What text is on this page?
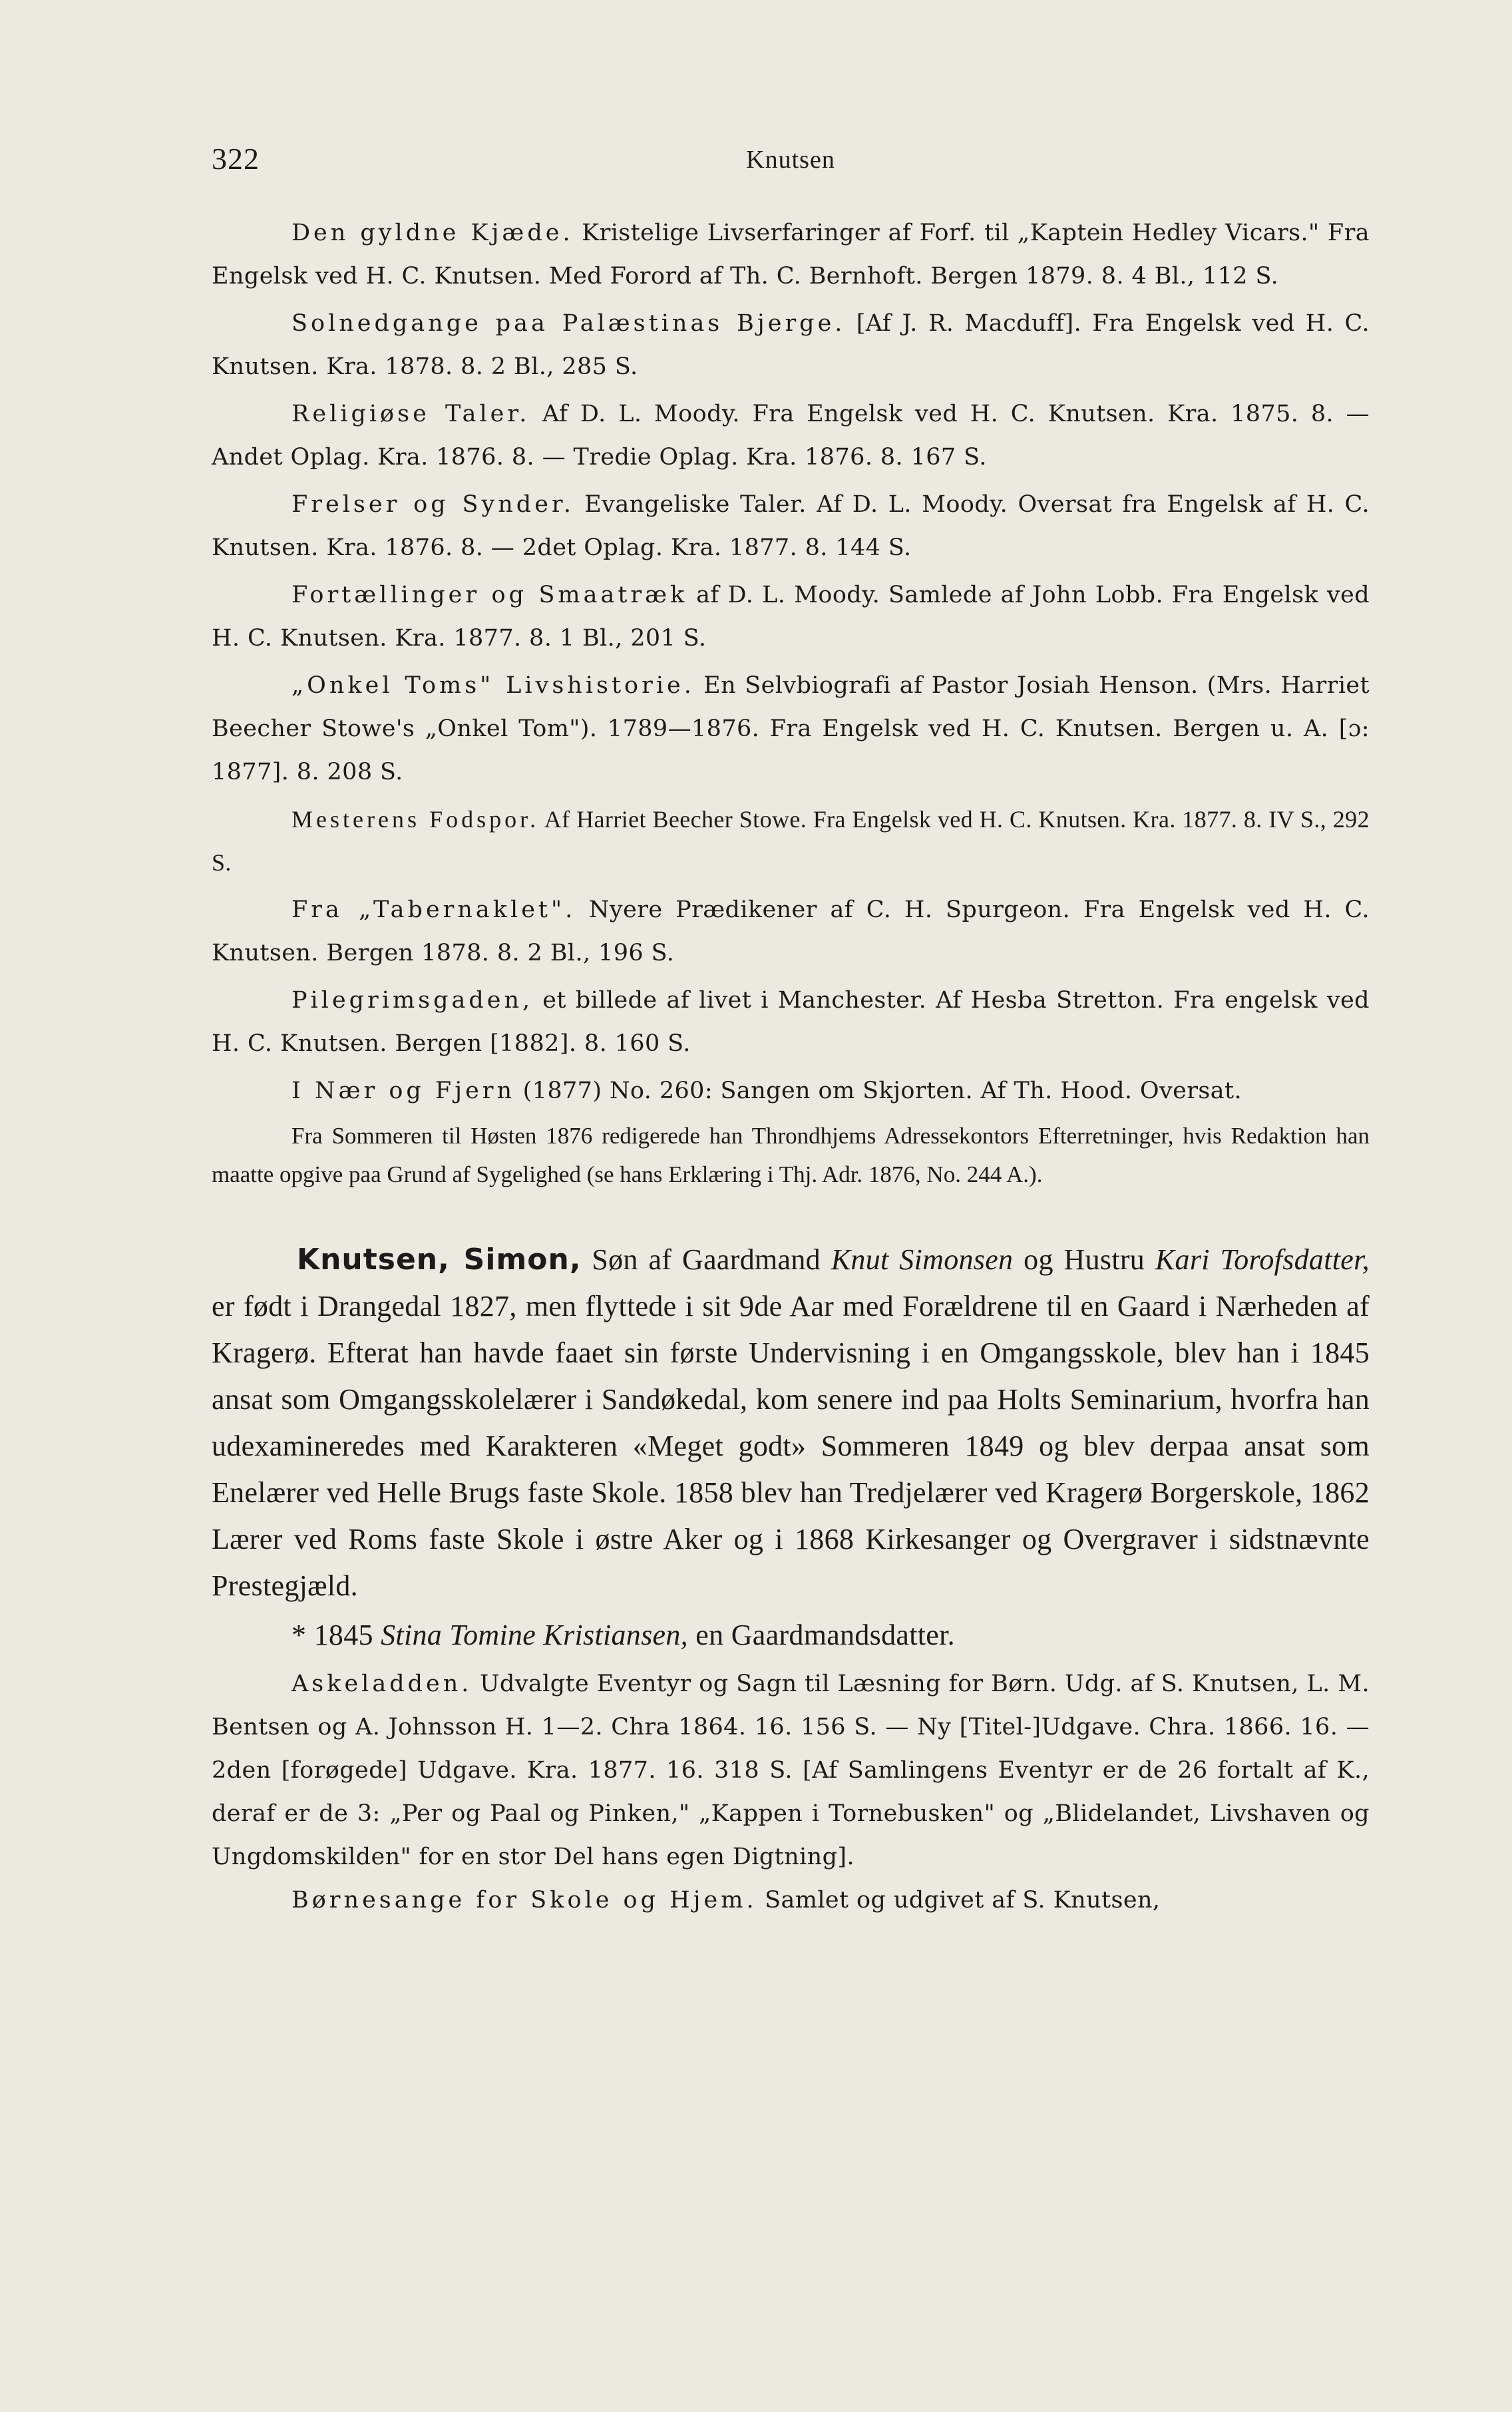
322	Knutsen

Den gyldne Kjæde. Kristelige Livserfaringer af Forf. til „Kaptein Hedley Vicars." Fra Engelsk ved H. C. Knutsen. Med Forord af Th. C. Bernhoft. Bergen 1879. 8. 4 Bl., 112 S.

Solnedgange paa Palæstinas Bjerge. [Af J. R. Macduff]. Fra Engelsk ved H. C. Knutsen. Kra. 1878. 8. 2 Bl., 285 S.

Religiøse Taler. Af D. L. Moody. Fra Engelsk ved H. C. Knutsen. Kra. 1875. 8. — Andet Oplag. Kra. 1876. 8. — Tredie Oplag. Kra. 1876. 8. 167 S.

Frelser og Synder. Evangeliske Taler. Af D. L. Moody. Oversat fra Engelsk af H. C. Knutsen. Kra. 1876. 8. — 2det Oplag. Kra. 1877. 8. 144 S.

Fortællinger og Smaatræk af D. L. Moody. Samlede af John Lobb. Fra Engelsk ved H. C. Knutsen. Kra. 1877. 8. 1 Bl., 201 S.

„Onkel Toms" Livshistorie. En Selvbiografi af Pastor Josiah Henson. (Mrs. Harriet Beecher Stowe's „Onkel Tom"). 1789—1876. Fra Engelsk ved H. C. Knutsen. Bergen u. A. [ɔ: 1877]. 8. 208 S.

Mesterens Fodspor. Af Harriet Beecher Stowe. Fra Engelsk ved H. C. Knutsen. Kra. 1877. 8. IV S., 292 S.

Fra „Tabernaklet". Nyere Prædikener af C. H. Spurgeon. Fra Engelsk ved H. C. Knutsen. Bergen 1878. 8. 2 Bl., 196 S.

Pilegrimsgaden, et billede af livet i Manchester. Af Hesba Stretton. Fra engelsk ved H. C. Knutsen. Bergen [1882]. 8. 160 S.

I Nær og Fjern (1877) No. 260: Sangen om Skjorten. Af Th. Hood. Oversat.

Fra Sommeren til Høsten 1876 redigerede han Throndhjems Adressekontors Efterretninger, hvis Redaktion han maatte opgive paa Grund af Sygelighed (se hans Erklæring i Thj. Adr. 1876, No. 244 A.).

Knutsen, Simon, Søn af Gaardmand Knut Simonsen og Hustru Kari Torofsdatter, er født i Drangedal 1827, men flyttede i sit 9de Aar med Forældrene til en Gaard i Nærheden af Kragerø. Efterat han havde faaet sin første Undervisning i en Omgangsskole, blev han i 1845 ansat som Omgangsskolelærer i Sandøkedal, kom senere ind paa Holts Seminarium, hvorfra han udexamineredes med Karakteren «Meget godt» Sommeren 1849 og blev derpaa ansat som Enelærer ved Helle Brugs faste Skole. 1858 blev han Tredjelærer ved Kragerø Borgerskole, 1862 Lærer ved Roms faste Skole i østre Aker og i 1868 Kirkesanger og Overgraver i sidstnævnte Prestegjæld.

* 1845 Stina Tomine Kristiansen, en Gaardmandsdatter.

Askeladden. Udvalgte Eventyr og Sagn til Læsning for Børn. Udg. af S. Knutsen, L. M. Bentsen og A. Johnsson H. 1—2. Chra 1864. 16. 156 S. — Ny [Titel-]Udgave. Chra. 1866. 16. — 2den [forøgede] Udgave. Kra. 1877. 16. 318 S. [Af Samlingens Eventyr er de 26 fortalt af K., deraf er de 3: „Per og Paal og Pinken," „Kappen i Tornebusken" og „Blidelandet, Livshaven og Ungdomskilden" for en stor Del hans egen Digtning].

Børnesange for Skole og Hjem. Samlet og udgivet af S. Knutsen,
